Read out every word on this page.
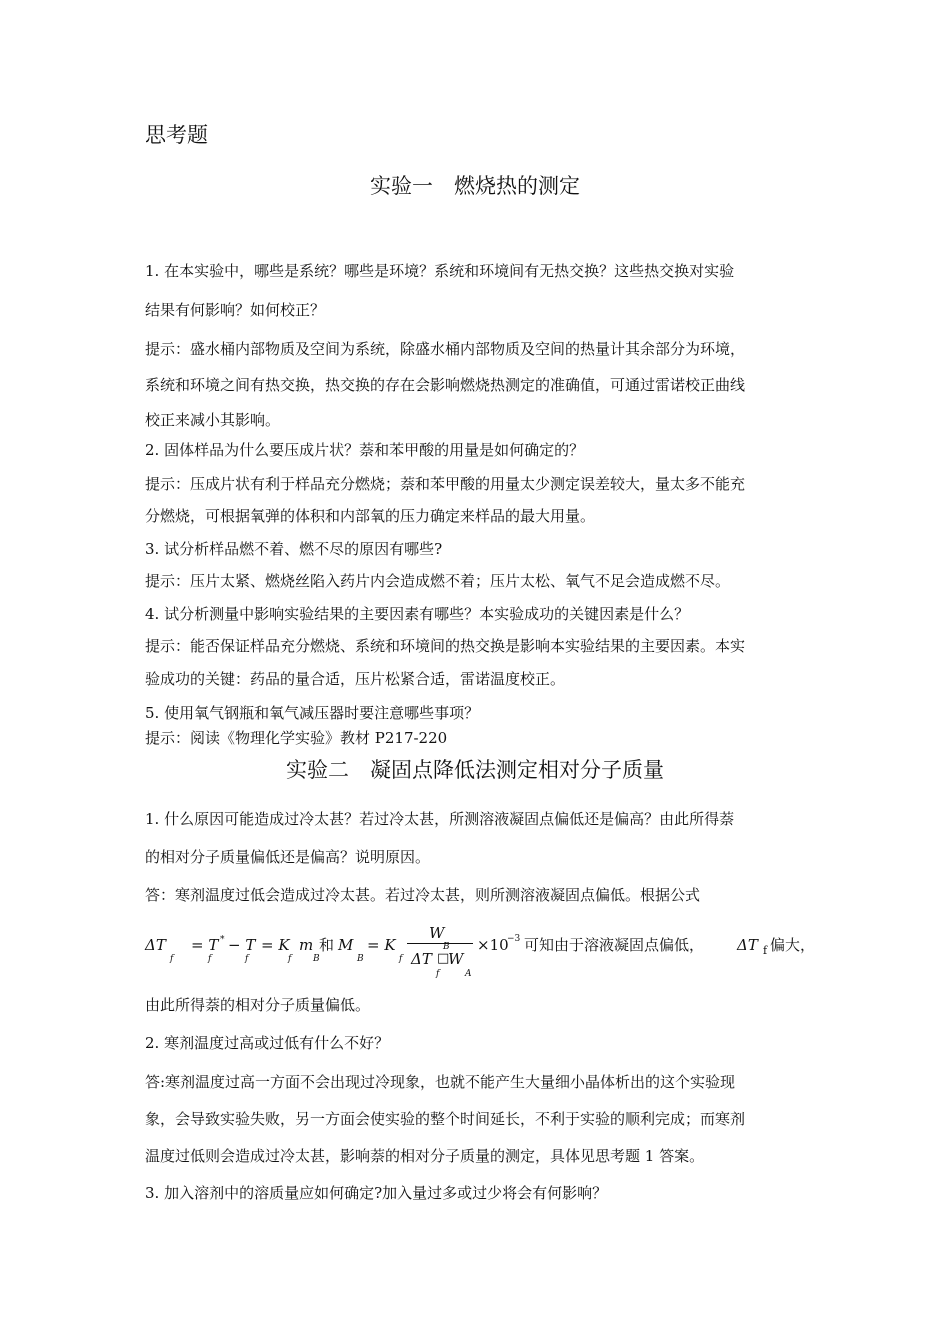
思考题
实验一　燃烧热的测定
1. 在本实验中，哪些是系统？哪些是环境？系统和环境间有无热交换？这些热交换对实验
结果有何影响？如何校正？
提示：盛水桶内部物质及空间为系统，除盛水桶内部物质及空间的热量计其余部分为环境，
系统和环境之间有热交换，热交换的存在会影响燃烧热测定的准确值，可通过雷诺校正曲线
校正来减小其影响。
2. 固体样品为什么要压成片状？萘和苯甲酸的用量是如何确定的？
提示：压成片状有利于样品充分燃烧；萘和苯甲酸的用量太少测定误差较大，量太多不能充
分燃烧，可根据氧弹的体积和内部氧的压力确定来样品的最大用量。
3. 试分析样品燃不着、燃不尽的原因有哪些?
提示：压片太紧、燃烧丝陷入药片内会造成燃不着；压片太松、氧气不足会造成燃不尽。
4. 试分析测量中影响实验结果的主要因素有哪些？本实验成功的关键因素是什么？
提示：能否保证样品充分燃烧、系统和环境间的热交换是影响本实验结果的主要因素。本实
验成功的关键：药品的量合适，压片松紧合适，雷诺温度校正。
5. 使用氧气钢瓶和氧气减压器时要注意哪些事项？
提示：阅读《物理化学实验》教材 P217-220
实验二　凝固点降低法测定相对分子质量
1. 什么原因可能造成过冷太甚？若过冷太甚，所测溶液凝固点偏低还是偏高？由此所得萘
的相对分子质量偏低还是偏高？说明原因。
答：寒剂温度过低会造成过冷太甚。若过冷太甚，则所测溶液凝固点偏低。根据公式
ΔT
f
= T *
f
− T
f
= K
f
m
B
和 M
B
= K
f
W
B
ΔT □
W
f	A
×10
−3 可知由于溶液凝固点偏低， ΔT f 偏大，
由此所得萘的相对分子质量偏低。
2. 寒剂温度过高或过低有什么不好？
答:寒剂温度过高一方面不会出现过冷现象，也就不能产生大量细小晶体析出的这个实验现
象，会导致实验失败，另一方面会使实验的整个时间延长，不利于实验的顺利完成；而寒剂
温度过低则会造成过冷太甚，影响萘的相对分子质量的测定，具体见思考题 1 答案。
3. 加入溶剂中的溶质量应如何确定?加入量过多或过少将会有何影响？
